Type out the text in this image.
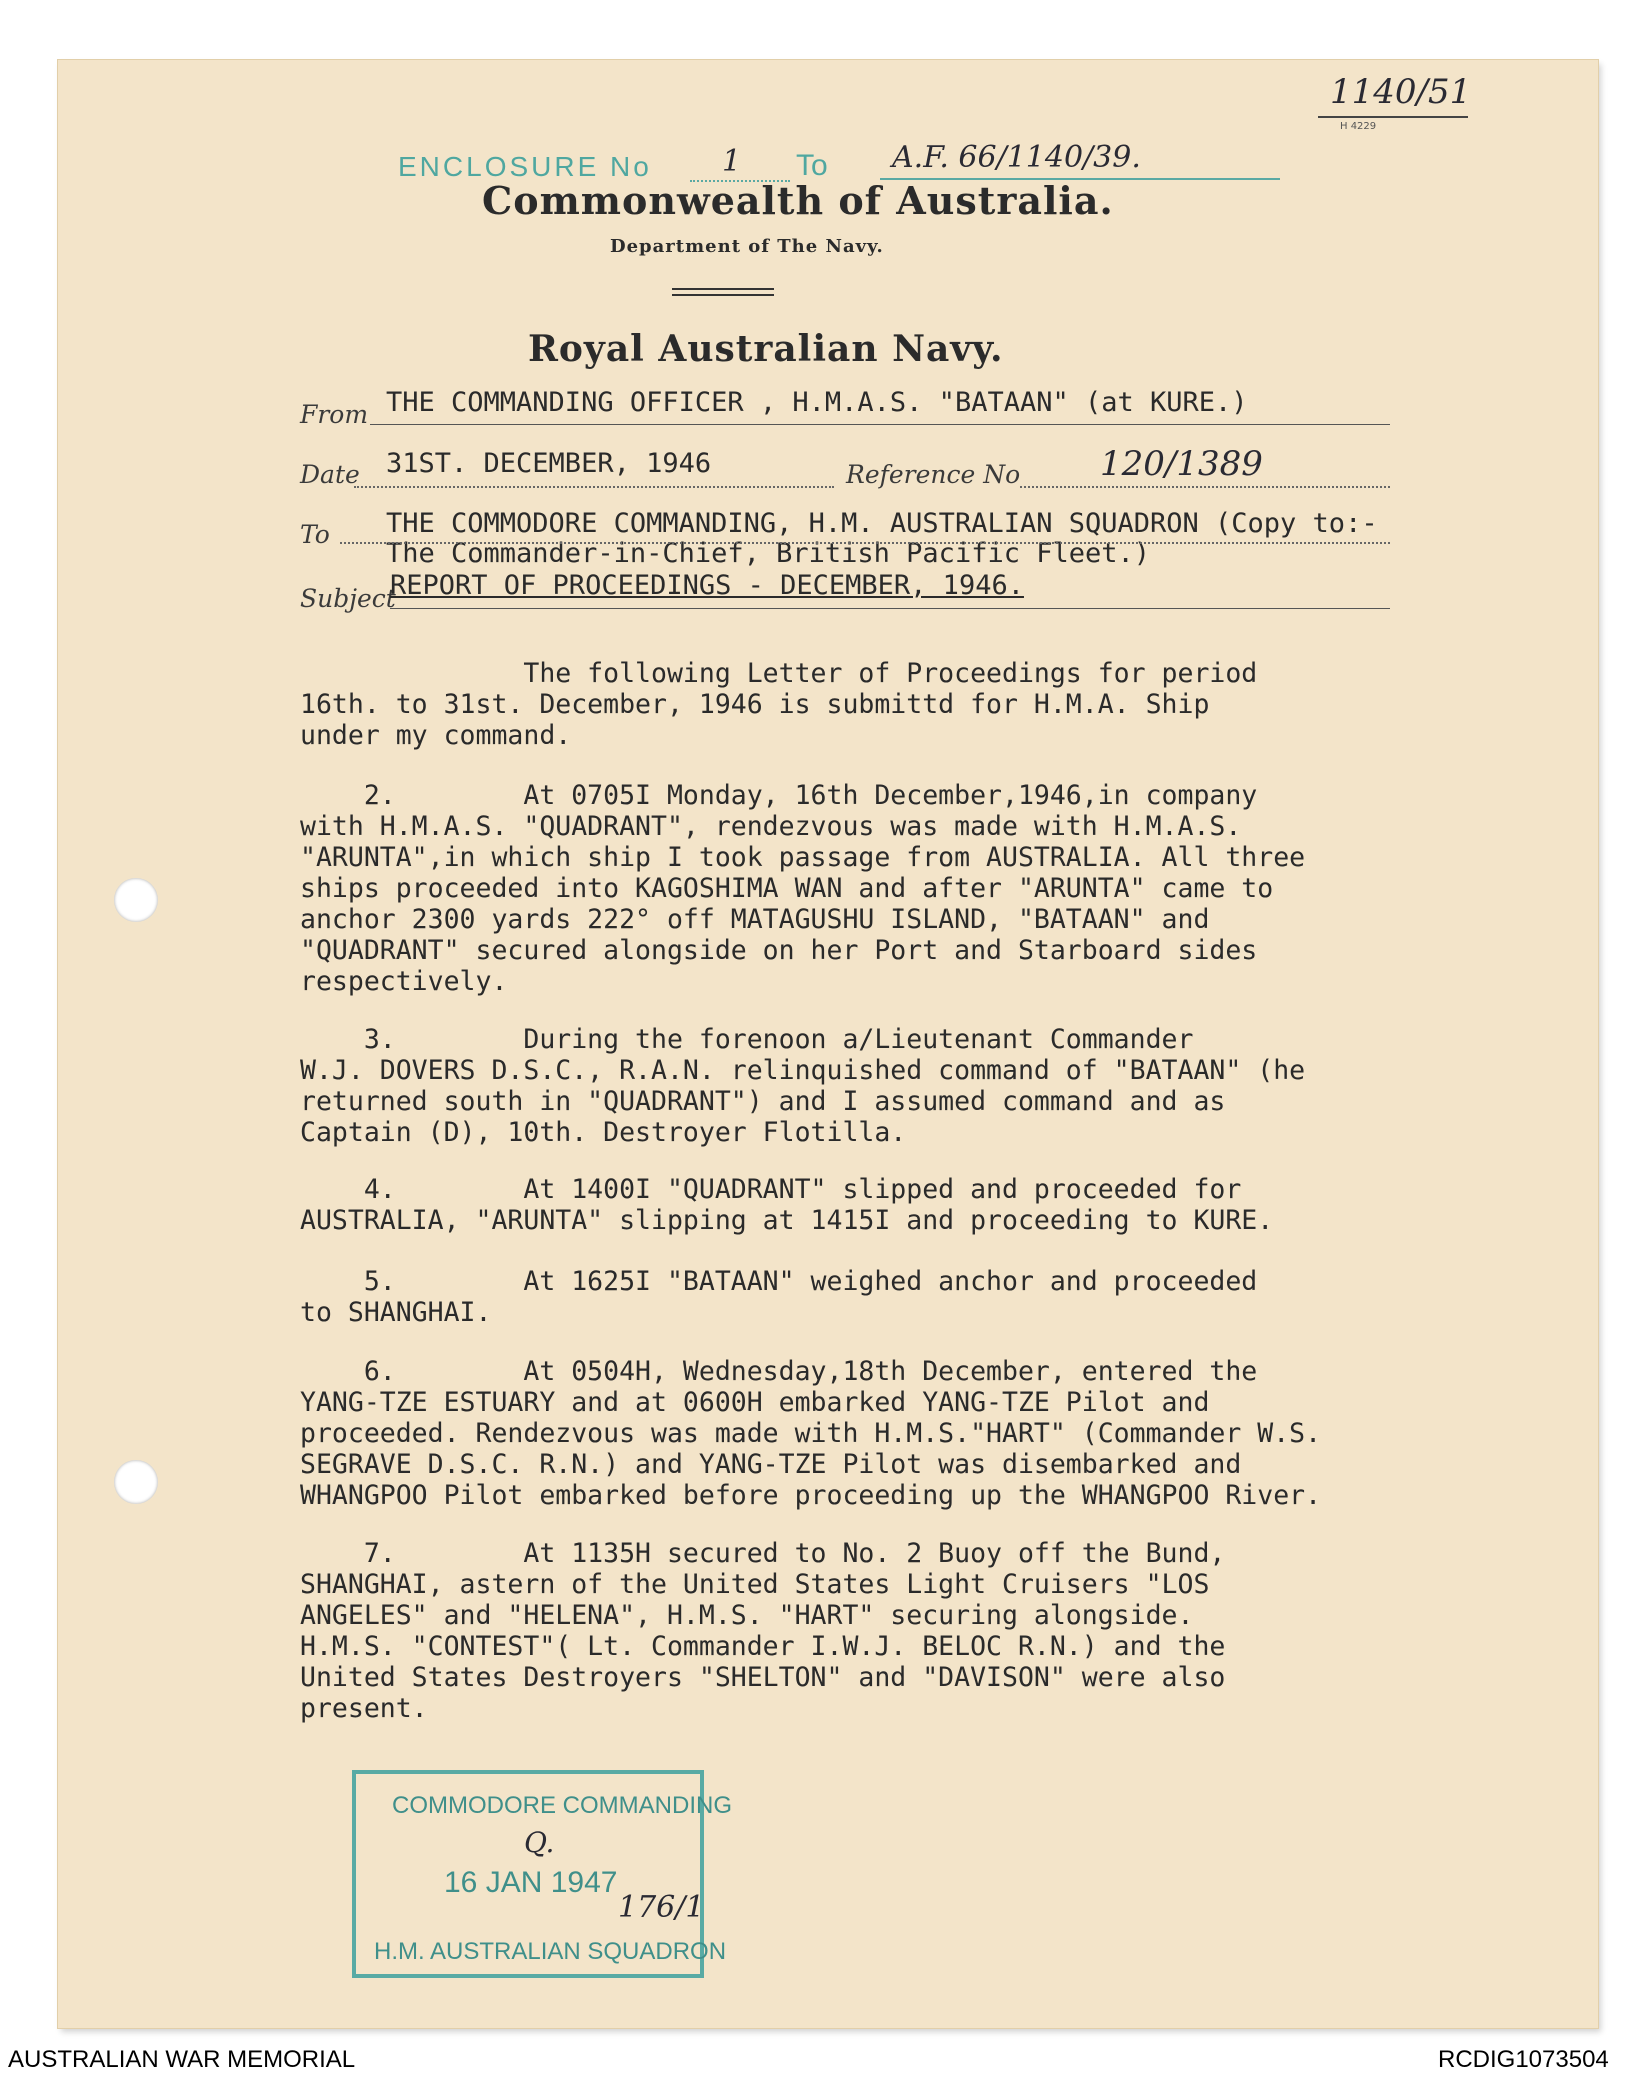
1140/51
H 4229
ENCLOSURE No 1 To A.F. 66/1140/39.
Commonwealth of Australia.
Department of The Navy.
Royal Australian Navy.
From THE COMMANDING OFFICER , H.M.A.S. "BATAAN" (at KURE.)
Date 31ST. DECEMBER, 1946	Reference No 120/1389
To THE COMMODORE COMMANDING, H.M. AUSTRALIAN SQUADRON (Copy to:-
The Commander-in-Chief, British Pacific Fleet.)
Subject
REPORT OF PROCEEDINGS - DECEMBER, 1946.
The following Letter of Proceedings for period
16th. to 31st. December, 1946 is submittd for H.M.A. Ship
under my command.
2.        At 0705I Monday, 16th December,1946,in company
with H.M.A.S. "QUADRANT", rendezvous was made with H.M.A.S.
"ARUNTA",in which ship I took passage from AUSTRALIA. All three
ships proceeded into KAGOSHIMA WAN and after "ARUNTA" came to
anchor 2300 yards 222° off MATAGUSHU ISLAND, "BATAAN" and
"QUADRANT" secured alongside on her Port and Starboard sides
respectively.
3.        During the forenoon a/Lieutenant Commander
W.J. DOVERS D.S.C., R.A.N. relinquished command of "BATAAN" (he
returned south in "QUADRANT") and I assumed command and as
Captain (D), 10th. Destroyer Flotilla.
4.        At 1400I "QUADRANT" slipped and proceeded for
AUSTRALIA, "ARUNTA" slipping at 1415I and proceeding to KURE.
5.        At 1625I "BATAAN" weighed anchor and proceeded
to SHANGHAI.
6.        At 0504H, Wednesday,18th December, entered the
YANG-TZE ESTUARY and at 0600H embarked YANG-TZE Pilot and
proceeded. Rendezvous was made with H.M.S."HART" (Commander W.S.
SEGRAVE D.S.C. R.N.) and YANG-TZE Pilot was disembarked and
WHANGPOO Pilot embarked before proceeding up the WHANGPOO River.
7.        At 1135H secured to No. 2 Buoy off the Bund,
SHANGHAI, astern of the United States Light Cruisers "LOS
ANGELES" and "HELENA", H.M.S. "HART" securing alongside.
H.M.S. "CONTEST"( Lt. Commander I.W.J. BELOC R.N.) and the
United States Destroyers "SHELTON" and "DAVISON" were also
present.
COMMODORE COMMANDING
Q.
16 JAN 1947
176/1
H.M. AUSTRALIAN SQUADRON
AUSTRALIAN WAR MEMORIAL	RCDIG1073504
